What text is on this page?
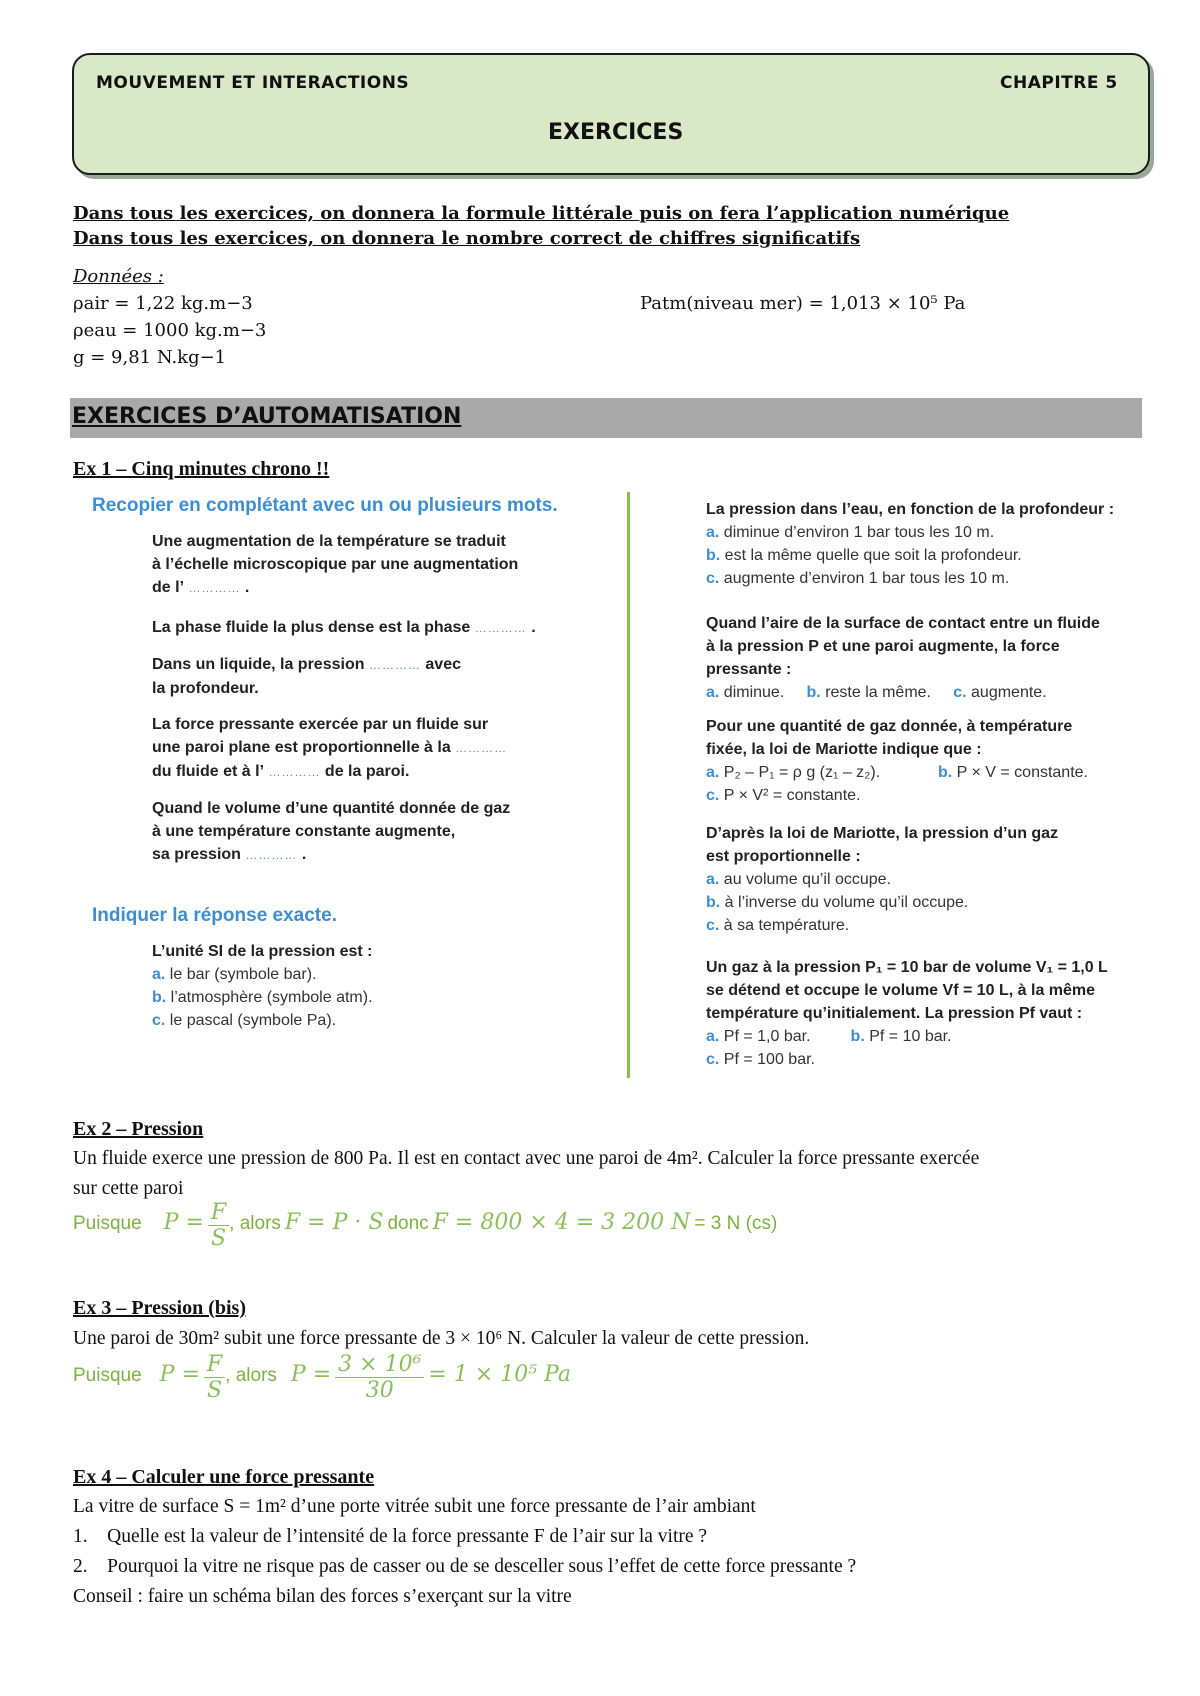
MOUVEMENT ET INTERACTIONS	CHAPITRE 5
EXERCICES
Dans tous les exercices, on donnera la formule littérale puis on fera l’application numérique
Dans tous les exercices, on donnera le nombre correct de chiffres significatifs
Données :
ρair = 1,22 kg.m−3
ρeau = 1000 kg.m−3
g = 9,81 N.kg−1
Patm(niveau mer) = 1,013 × 10⁵ Pa
EXERCICES D’AUTOMATISATION
Ex 1 – Cinq minutes chrono !!
Recopier en complétant avec un ou plusieurs mots.
Une augmentation de la température se traduit
à l’échelle microscopique par une augmentation
de l’ ………… .
La phase fluide la plus dense est la phase ………… .
Dans un liquide, la pression ………… avec
la profondeur.
La force pressante exercée par un fluide sur
une paroi plane est proportionnelle à la …………
du fluide et à l’ ………… de la paroi.
Quand le volume d’une quantité donnée de gaz
à une température constante augmente,
sa pression ………… .
Indiquer la réponse exacte.
L’unité SI de la pression est :
a. le bar (symbole bar).
b. l’atmosphère (symbole atm).
c. le pascal (symbole Pa).
La pression dans l’eau, en fonction de la profondeur :
a. diminue d’environ 1 bar tous les 10 m.
b. est la même quelle que soit la profondeur.
c. augmente d’environ 1 bar tous les 10 m.
Quand l’aire de la surface de contact entre un fluide
à la pression P et une paroi augmente, la force
pressante :
a. diminue. b. reste la même. c. augmente.
Pour une quantité de gaz donnée, à température
fixée, la loi de Mariotte indique que :
a. P₂ – P₁ = ρ g (z₁ – z₂).	b. P × V = constante.
c. P × V² = constante.
D’après la loi de Mariotte, la pression d’un gaz
est proportionnelle :
a. au volume qu’il occupe.
b. à l’inverse du volume qu’il occupe.
c. à sa température.
Un gaz à la pression P₁ = 10 bar de volume V₁ = 1,0 L
se détend et occupe le volume Vf = 10 L, à la même
température qu’initialement. La pression Pf vaut :
a. Pf = 1,0 bar.	b. Pf = 10 bar.
c. Pf = 100 bar.
Ex 2 – Pression
Un fluide exerce une pression de 800 Pa. Il est en contact avec une paroi de 4m². Calculer la force pressante exercée
sur cette paroi
Puisque $P = \frac{F}{S}$ , alors F = P · S donc F = 800 × 4 = 3 200 N = 3 N (cs)
Ex 3 – Pression (bis)
Une paroi de 30m² subit une force pressante de 3 × 10⁶ N. Calculer la valeur de cette pression.
Puisque $P = \frac{F}{S}$ , alors $P = \frac{\text{3 × 10⁶}}{30} = 1 \times 10^5$ Pa
Ex 4 – Calculer une force pressante
La vitre de surface S = 1m² d’une porte vitrée subit une force pressante de l’air ambiant
1.    Quelle est la valeur de l’intensité de la force pressante F de l’air sur la vitre ?
2.    Pourquoi la vitre ne risque pas de casser ou de se desceller sous l’effet de cette force pressante ?
Conseil : faire un schéma bilan des forces s’exerçant sur la vitre
